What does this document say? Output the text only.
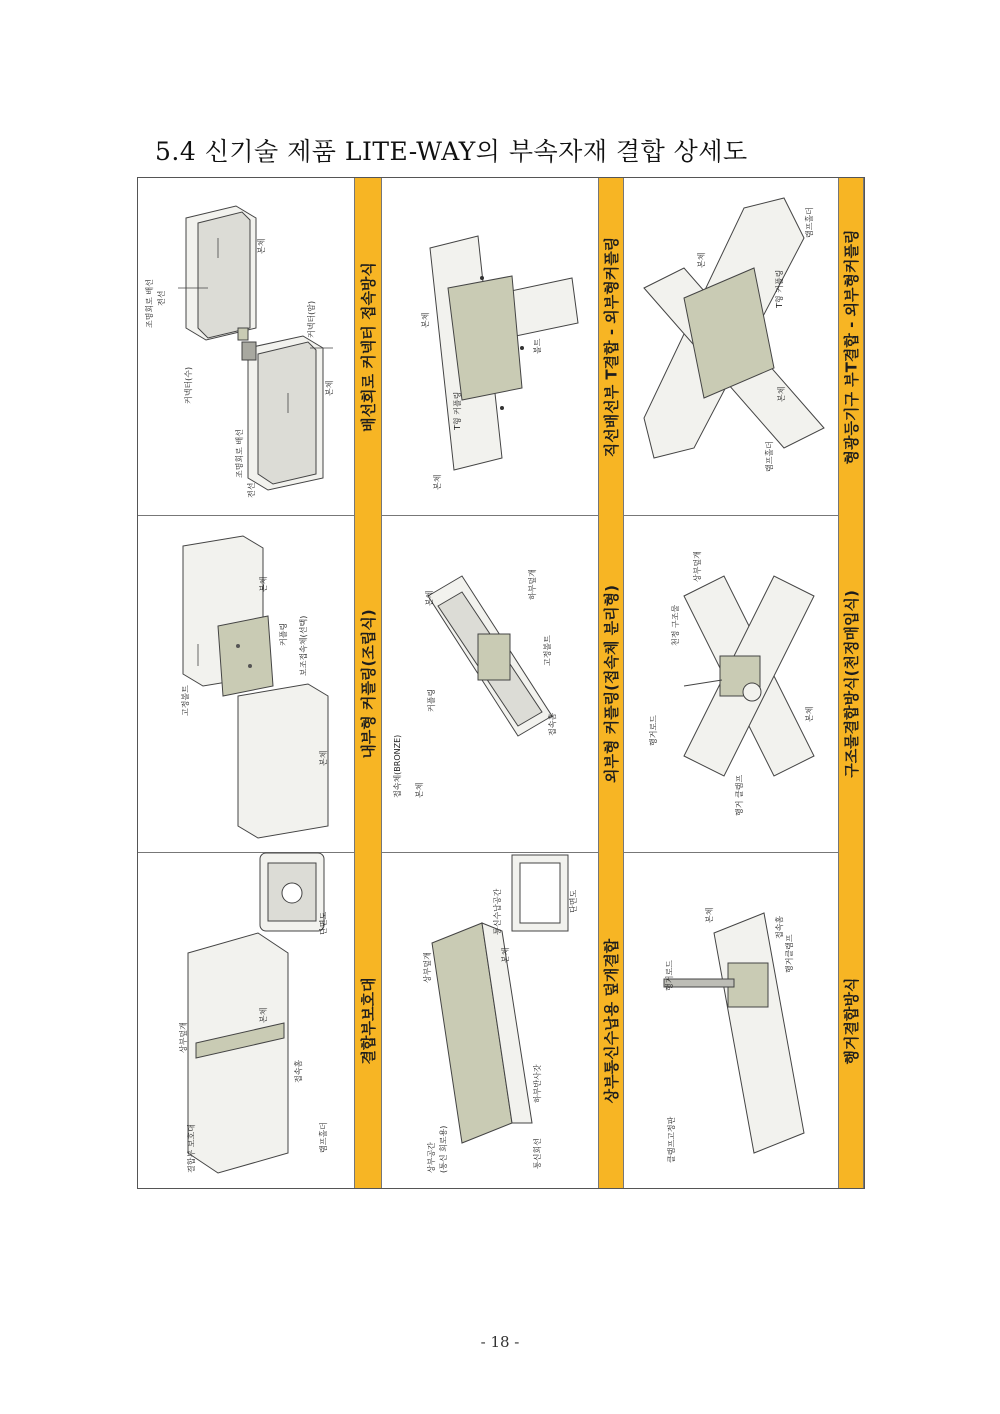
5.4 신기술 제품 LITE-WAY의 부속자재 결합 상세도
본체
조명회로 배선 전선
커넥터(수)
커넥터(암)
본체
조명회로 배선
전선
본체
커플링 보조접속체(선택)
고정볼트
본체
결합부 보호대
상부덮개
본체
접속홈
램프홀더
단면도
배선회로 커넥터 접속방식
내부형 커플링(조립식)
결합부보호대
본체
볼트
T형 커플링
본체
하부덮개
본체
고정볼트
커플링
접속홈
접속체(BRONZE) 본체
통신수납공간	단면도
본체
상부덮개
하부반사갓
상부공간 (통신 회로용)	통신회선
직선배선부 T결합 - 외부형커플링
외부형 커플링(접속체 분리형)
상부통신수납용 덮개결합
램프홀더
본체
T형 커플링
본체
램프홀더
상부덮개
천정 구조물
행거로드
행거 클램프
본체
행거로드
본체
접속홈
행거클램프
클램프고정판
형광등기구 부T결합 - 외부형커플링
구조물결합방식(천정매입식)
행거결합방식
- 18 -
